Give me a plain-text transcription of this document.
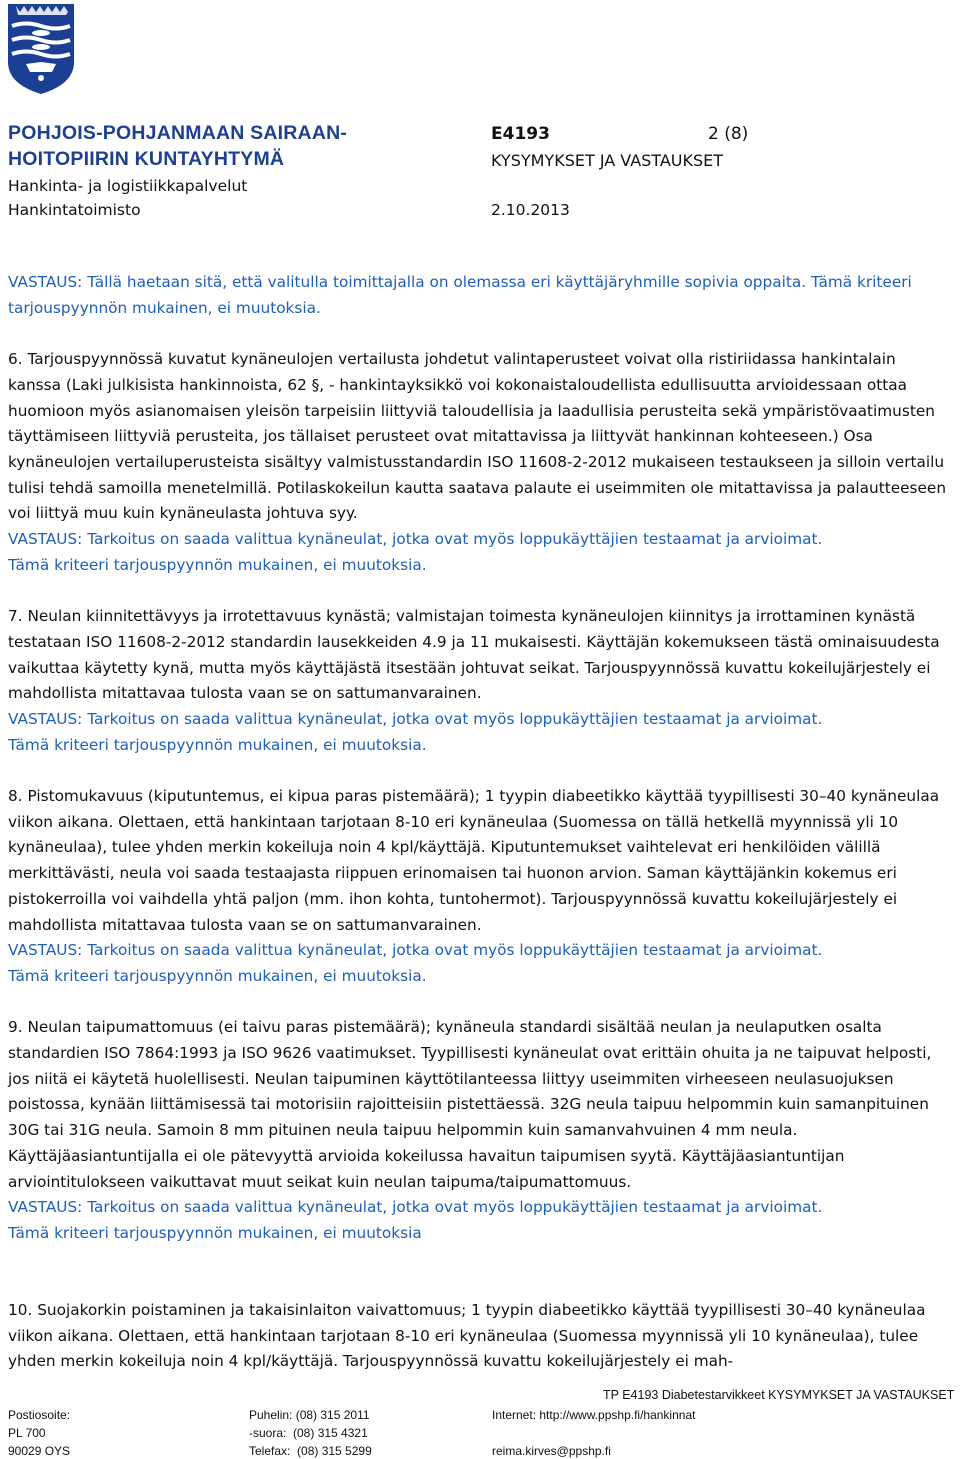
POHJOIS-POHJANMAAN SAIRAAN-
HOITOPIIRIN KUNTAYHTYMÄ
Hankinta- ja logistiikkapalvelut
Hankintatoimisto
E4193	2 (8)
KYSYMYKSET JA VASTAUKSET
2.10.2013

VASTAUS: Tällä haetaan sitä, että valitulla toimittajalla on olemassa eri käyttäjäryhmille sopivia oppaita. Tämä kriteeri tarjouspyynnön mukainen, ei muutoksia.

6. Tarjouspyynnössä kuvatut kynäneulojen vertailusta johdetut valintaperusteet voivat olla ristiriidassa hankintalain kanssa (Laki julkisista hankinnoista, 62 §, - hankintayksikkö voi kokonaistaloudellista edullisuutta arvioidessaan ottaa huomioon myös asianomaisen yleisön tarpeisiin liittyviä taloudellisia ja laadullisia perusteita sekä ympäristövaatimusten täyttämiseen liittyviä perusteita, jos tällaiset perusteet ovat mitattavissa ja liittyvät hankinnan kohteeseen.) Osa kynäneulojen vertailuperusteista sisältyy valmistusstandardin ISO 11608-2-2012 mukaiseen testaukseen ja silloin vertailu tulisi tehdä samoilla menetelmillä. Potilaskokeilun kautta saatava palaute ei useimmiten ole mitattavissa ja palautteeseen voi liittyä muu kuin kynäneulasta johtuva syy.

VASTAUS: Tarkoitus on saada valittua kynäneulat, jotka ovat myös loppukäyttäjien testaamat ja arvioimat.

Tämä kriteeri tarjouspyynnön mukainen, ei muutoksia.

7. Neulan kiinnitettävyys ja irrotettavuus kynästä; valmistajan toimesta kynäneulojen kiinnitys ja irrottaminen kynästä testataan ISO 11608-2-2012 standardin lausekkeiden 4.9 ja 11 mukaisesti. Käyttäjän kokemukseen tästä ominaisuudesta vaikuttaa käytetty kynä, mutta myös käyttäjästä itsestään johtuvat seikat. Tarjouspyynnössä kuvattu kokeilujärjestely ei mahdollista mitattavaa tulosta vaan se on sattumanvarainen.

VASTAUS: Tarkoitus on saada valittua kynäneulat, jotka ovat myös loppukäyttäjien testaamat ja arvioimat.

Tämä kriteeri tarjouspyynnön mukainen, ei muutoksia.

8. Pistomukavuus (kiputuntemus, ei kipua paras pistemäärä); 1 tyypin diabeetikko käyttää tyypillisesti 30–40 kynäneulaa viikon aikana. Olettaen, että hankintaan tarjotaan 8-10 eri kynäneulaa (Suomessa on tällä hetkellä myynnissä yli 10 kynäneulaa), tulee yhden merkin kokeiluja noin 4 kpl/käyttäjä. Kiputuntemukset vaihtelevat eri henkilöiden välillä merkittävästi, neula voi saada testaajasta riippuen erinomaisen tai huonon arvion. Saman käyttäjänkin kokemus eri pistokerroilla voi vaihdella yhtä paljon (mm. ihon kohta, tuntohermot). Tarjouspyynnössä kuvattu kokeilujärjestely ei mahdollista mitattavaa tulosta vaan se on sattumanvarainen.

VASTAUS: Tarkoitus on saada valittua kynäneulat, jotka ovat myös loppukäyttäjien testaamat ja arvioimat.

Tämä kriteeri tarjouspyynnön mukainen, ei muutoksia.

9. Neulan taipumattomuus (ei taivu paras pistemäärä); kynäneula standardi sisältää neulan ja neulaputken osalta standardien ISO 7864:1993 ja ISO 9626 vaatimukset. Tyypillisesti kynäneulat ovat erittäin ohuita ja ne taipuvat helposti, jos niitä ei käytetä huolellisesti. Neulan taipuminen käyttötilanteessa liittyy useimmiten virheeseen neulasuojuksen poistossa, kynään liittämisessä tai motorisiin rajoitteisiin pistettäessä. 32G neula taipuu helpommin kuin samanpituinen 30G tai 31G neula. Samoin 8 mm pituinen neula taipuu helpommin kuin samanvahvuinen 4 mm neula. Käyttäjäasiantuntijalla ei ole pätevyyttä arvioida kokeilussa havaitun taipumisen syytä. Käyttäjäasiantuntijan arviointitulokseen vaikuttavat muut seikat kuin neulan taipuma/taipumattomuus.

VASTAUS: Tarkoitus on saada valittua kynäneulat, jotka ovat myös loppukäyttäjien testaamat ja arvioimat.

Tämä kriteeri tarjouspyynnön mukainen, ei muutoksia

10. Suojakorkin poistaminen ja takaisinlaiton vaivattomuus; 1 tyypin diabeetikko käyttää tyypillisesti 30–40 kynäneulaa viikon aikana. Olettaen, että hankintaan tarjotaan 8-10 eri kynäneulaa (Suomessa myynnissä yli 10 kynäneulaa), tulee yhden merkin kokeiluja noin 4 kpl/käyttäjä. Tarjouspyynnössä kuvattu kokeilujärjestely ei mah-

TP E4193 Diabetestarvikkeet KYSYMYKSET JA VASTAUKSET
Postiosoite:
PL 700
90029 OYS
Puhelin: (08) 315 2011
-suora:  (08) 315 4321
Telefax:  (08) 315 5299
Internet: http://www.ppshp.fi/hankinnat
reima.kirves@ppshp.fi
